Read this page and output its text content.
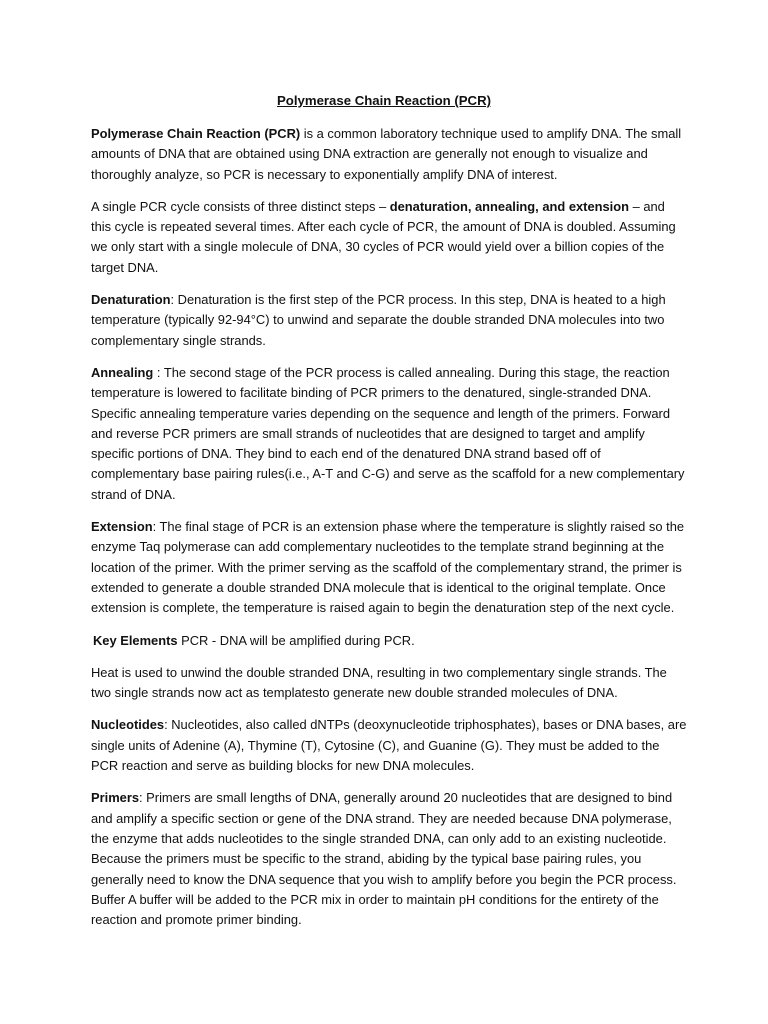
Polymerase Chain Reaction (PCR)

Polymerase Chain Reaction (PCR) is a common laboratory technique used to amplify DNA. The small amounts of DNA that are obtained using DNA extraction are generally not enough to visualize and thoroughly analyze, so PCR is necessary to exponentially amplify DNA of interest.

A single PCR cycle consists of three distinct steps – denaturation, annealing, and extension – and this cycle is repeated several times. After each cycle of PCR, the amount of DNA is doubled. Assuming we only start with a single molecule of DNA, 30 cycles of PCR would yield over a billion copies of the target DNA.

Denaturation: Denaturation is the first step of the PCR process. In this step, DNA is heated to a high temperature (typically 92-94°C) to unwind and separate the double stranded DNA molecules into two complementary single strands.

Annealing : The second stage of the PCR process is called annealing. During this stage, the reaction temperature is lowered to facilitate binding of PCR primers to the denatured, single-stranded DNA. Specific annealing temperature varies depending on the sequence and length of the primers. Forward and reverse PCR primers are small strands of nucleotides that are designed to target and amplify specific portions of DNA. They bind to each end of the denatured DNA strand based off of complementary base pairing rules(i.e., A-T and C-G) and serve as the scaffold for a new complementary strand of DNA.

Extension: The final stage of PCR is an extension phase where the temperature is slightly raised so the enzyme Taq polymerase can add complementary nucleotides to the template strand beginning at the location of the primer. With the primer serving as the scaffold of the complementary strand, the primer is extended to generate a double stranded DNA molecule that is identical to the original template. Once extension is complete, the temperature is raised again to begin the denaturation step of the next cycle.

Key Elements PCR - DNA will be amplified during PCR.

Heat is used to unwind the double stranded DNA, resulting in two complementary single strands. The two single strands now act as templatesto generate new double stranded molecules of DNA.

Nucleotides: Nucleotides, also called dNTPs (deoxynucleotide triphosphates), bases or DNA bases, are single units of Adenine (A), Thymine (T), Cytosine (C), and Guanine (G). They must be added to the PCR reaction and serve as building blocks for new DNA molecules.

Primers: Primers are small lengths of DNA, generally around 20 nucleotides that are designed to bind and amplify a specific section or gene of the DNA strand. They are needed because DNA polymerase, the enzyme that adds nucleotides to the single stranded DNA, can only add to an existing nucleotide. Because the primers must be specific to the strand, abiding by the typical base pairing rules, you generally need to know the DNA sequence that you wish to amplify before you begin the PCR process. Buffer A buffer will be added to the PCR mix in order to maintain pH conditions for the entirety of the reaction and promote primer binding.
